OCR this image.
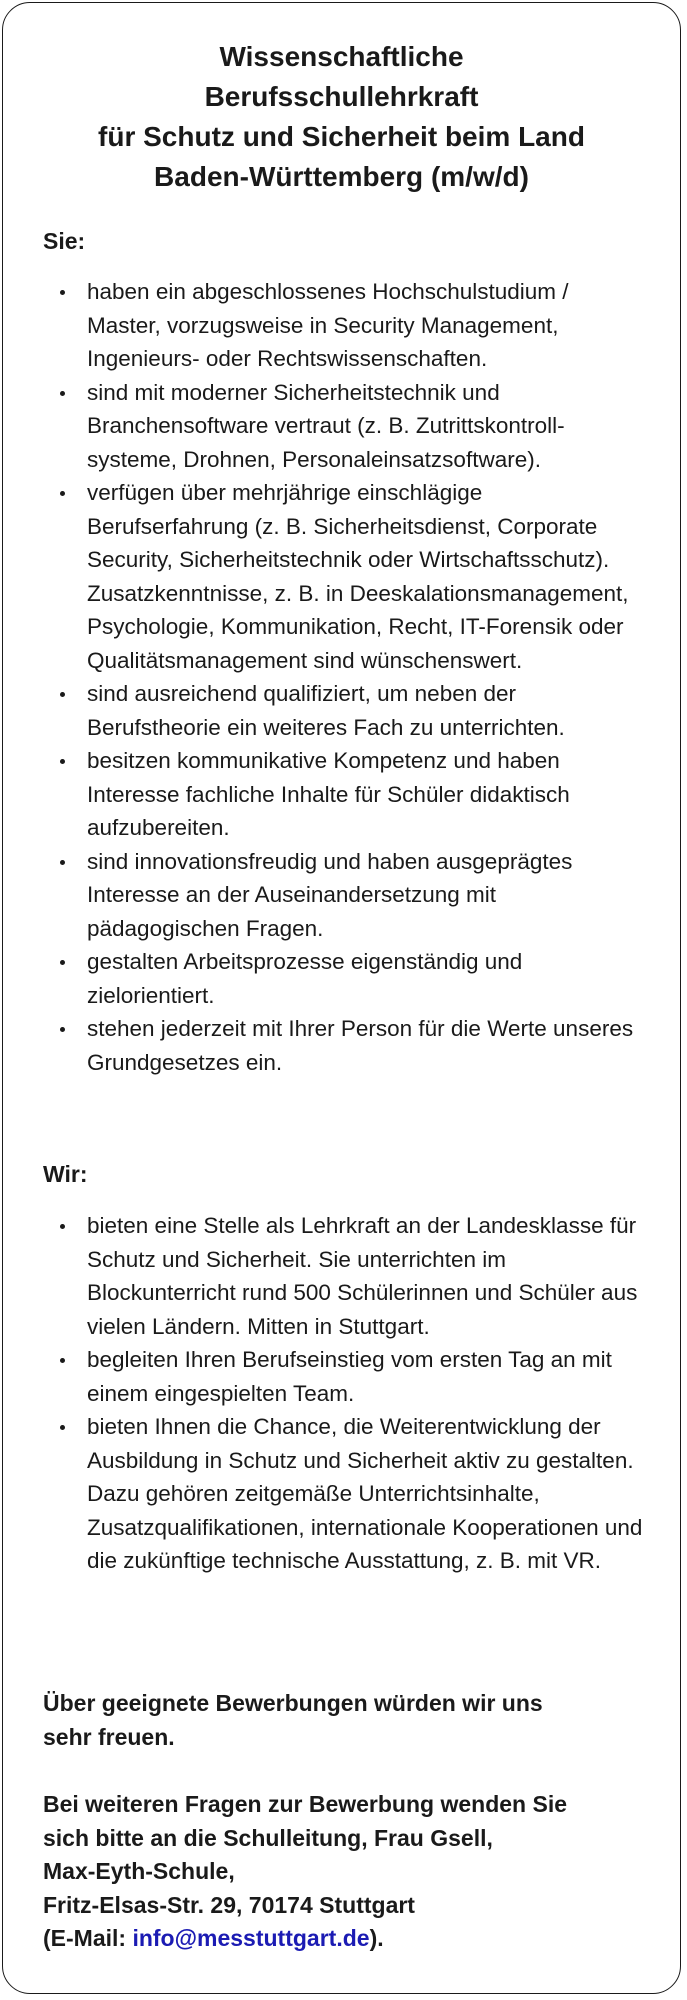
Wissenschaftliche
Berufsschullehrkraft
für Schutz und Sicherheit beim Land
Baden-Württemberg (m/w/d)
Sie:
haben ein abgeschlossenes Hochschulstudium / Master, vorzugsweise in Security Management, Ingenieurs- oder Rechtswissenschaften.
sind mit moderner Sicherheitstechnik und Branchensoftware vertraut (z. B. Zutrittskontroll-systeme, Drohnen, Personaleinsatzsoftware).
verfügen über mehrjährige einschlägige Berufserfahrung (z. B. Sicherheitsdienst, Corporate Security, Sicherheitstechnik oder Wirtschaftsschutz). Zusatzkenntnisse, z. B. in Deeskalationsmanagement, Psychologie, Kommunikation, Recht, IT-Forensik oder Qualitätsmanagement sind wünschenswert.
sind ausreichend qualifiziert, um neben der Berufstheorie ein weiteres Fach zu unterrichten.
besitzen kommunikative Kompetenz und haben Interesse fachliche Inhalte für Schüler didaktisch aufzubereiten.
sind innovationsfreudig und haben ausgeprägtes Interesse an der Auseinandersetzung mit pädagogischen Fragen.
gestalten Arbeitsprozesse eigenständig und zielorientiert.
stehen jederzeit mit Ihrer Person für die Werte unseres Grundgesetzes ein.
Wir:
bieten eine Stelle als Lehrkraft an der Landesklasse für Schutz und Sicherheit. Sie unterrichten im Blockunterricht rund 500 Schülerinnen und Schüler aus vielen Ländern. Mitten in Stuttgart.
begleiten Ihren Berufseinstieg vom ersten Tag an mit einem eingespielten Team.
bieten Ihnen die Chance, die Weiterentwicklung der Ausbildung in Schutz und Sicherheit aktiv zu gestalten. Dazu gehören zeitgemäße Unterrichtsinhalte, Zusatzqualifikationen, internationale Kooperationen und die zukünftige technische Ausstattung, z. B. mit VR.
Über geeignete Bewerbungen würden wir uns
sehr freuen.
Bei weiteren Fragen zur Bewerbung wenden Sie
sich bitte an die Schulleitung, Frau Gsell,
Max-Eyth-Schule,
Fritz-Elsas-Str. 29, 70174 Stuttgart
(E-Mail: info@messtuttgart.de).
